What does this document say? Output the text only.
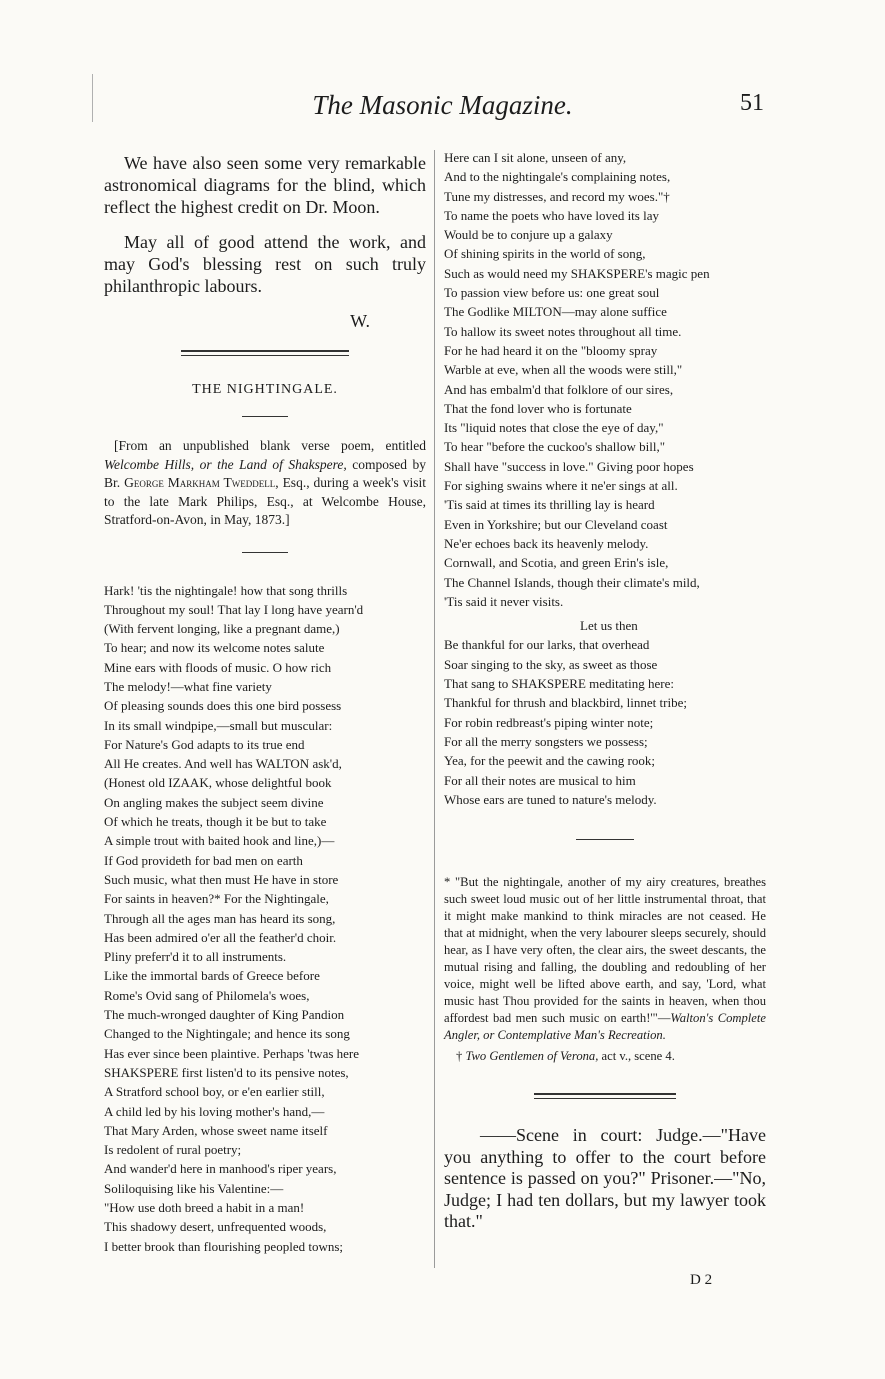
The Masonic Magazine.	51

We have also seen some very remarkable astronomical diagrams for the blind, which reflect the highest credit on Dr. Moon.

May all of good attend the work, and may God's blessing rest on such truly philanthropic labours.

W.

THE NIGHTINGALE.

[From an unpublished blank verse poem, entitled Welcombe Hills, or the Land of Shakspere, composed by Br. George Markham Tweddell, Esq., during a week's visit to the late Mark Philips, Esq., at Welcombe House, Stratford-on-Avon, in May, 1873.]

Hark! 'tis the nightingale! how that song thrills
Throughout my soul! That lay I long have yearn'd
(With fervent longing, like a pregnant dame,)
To hear; and now its welcome notes salute
Mine ears with floods of music. O how rich
The melody!—what fine variety
Of pleasing sounds does this one bird possess
In its small windpipe,—small but muscular:
For Nature's God adapts to its true end
All He creates. And well has WALTON ask'd,
(Honest old IZAAK, whose delightful book
On angling makes the subject seem divine
Of which he treats, though it be but to take
A simple trout with baited hook and line,)—
If God provideth for bad men on earth
Such music, what then must He have in store
For saints in heaven?* For the Nightingale,
Through all the ages man has heard its song,
Has been admired o'er all the feather'd choir.
Pliny preferr'd it to all instruments.
Like the immortal bards of Greece before
Rome's Ovid sang of Philomela's woes,
The much-wronged daughter of King Pandion
Changed to the Nightingale; and hence its song
Has ever since been plaintive. Perhaps 'twas here
SHAKSPERE first listen'd to its pensive notes,
A Stratford school boy, or e'en earlier still,
A child led by his loving mother's hand,—
That Mary Arden, whose sweet name itself
Is redolent of rural poetry;
And wander'd here in manhood's riper years,
Soliloquising like his Valentine:—
"How use doth breed a habit in a man!
This shadowy desert, unfrequented woods,
I better brook than flourishing peopled towns;
Here can I sit alone, unseen of any,
And to the nightingale's complaining notes,
Tune my distresses, and record my woes."†
To name the poets who have loved its lay
Would be to conjure up a galaxy
Of shining spirits in the world of song,
Such as would need my SHAKSPERE's magic pen
To passion view before us: one great soul
The Godlike MILTON—may alone suffice
To hallow its sweet notes throughout all time.
For he had heard it on the "bloomy spray
Warble at eve, when all the woods were still,"
And has embalm'd that folklore of our sires,
That the fond lover who is fortunate
Its "liquid notes that close the eye of day,"
To hear "before the cuckoo's shallow bill,"
Shall have "success in love." Giving poor hopes
For sighing swains where it ne'er sings at all.
'Tis said at times its thrilling lay is heard
Even in Yorkshire; but our Cleveland coast
Ne'er echoes back its heavenly melody.
Cornwall, and Scotia, and green Erin's isle,
The Channel Islands, though their climate's mild,
'Tis said it never visits.
Let us then
Be thankful for our larks, that overhead
Soar singing to the sky, as sweet as those
That sang to SHAKSPERE meditating here:
Thankful for thrush and blackbird, linnet tribe;
For robin redbreast's piping winter note;
For all the merry songsters we possess;
Yea, for the peewit and the cawing rook;
For all their notes are musical to him
Whose ears are tuned to nature's melody.

* "But the nightingale, another of my airy creatures, breathes such sweet loud music out of her little instrumental throat, that it might make mankind to think miracles are not ceased. He that at midnight, when the very labourer sleeps securely, should hear, as I have very often, the clear airs, the sweet descants, the mutual rising and falling, the doubling and redoubling of her voice, might well be lifted above earth, and say, 'Lord, what music hast Thou provided for the saints in heaven, when thou affordest bad men such music on earth!'"—Walton's Complete Angler, or Contemplative Man's Recreation.

† Two Gentlemen of Verona, act v., scene 4.

——Scene in court: Judge.—"Have you anything to offer to the court before sentence is passed on you?" Prisoner.—"No, Judge; I had ten dollars, but my lawyer took that."

D 2
